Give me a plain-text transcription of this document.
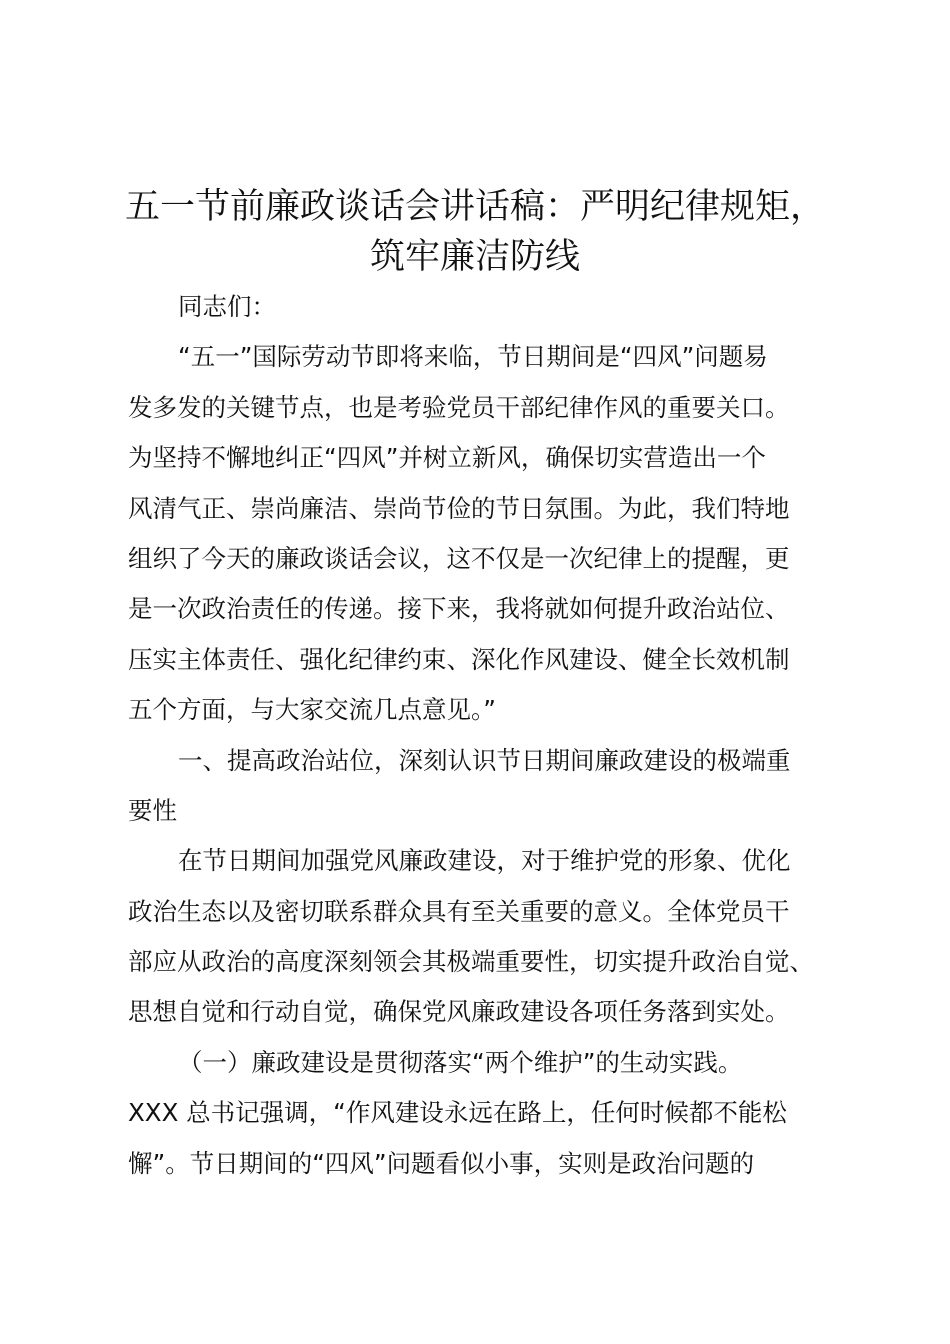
五一节前廉政谈话会讲话稿：严明纪律规矩，
筑牢廉洁防线
同志们：
“五一”国际劳动节即将来临，节日期间是“四风”问题易
发多发的关键节点，也是考验党员干部纪律作风的重要关口。
为坚持不懈地纠正“四风”并树立新风，确保切实营造出一个
风清气正、崇尚廉洁、崇尚节俭的节日氛围。为此，我们特地
组织了今天的廉政谈话会议，这不仅是一次纪律上的提醒，更
是一次政治责任的传递。接下来，我将就如何提升政治站位、
压实主体责任、强化纪律约束、深化作风建设、健全长效机制
五个方面，与大家交流几点意见。”
一、提高政治站位，深刻认识节日期间廉政建设的极端重
要性
在节日期间加强党风廉政建设，对于维护党的形象、优化
政治生态以及密切联系群众具有至关重要的意义。全体党员干
部应从政治的高度深刻领会其极端重要性，切实提升政治自觉、
思想自觉和行动自觉，确保党风廉政建设各项任务落到实处。
（一）廉政建设是贯彻落实“两个维护”的生动实践。
XXX 总书记强调，“作风建设永远在路上，任何时候都不能松
懈”。节日期间的“四风”问题看似小事，实则是政治问题的
